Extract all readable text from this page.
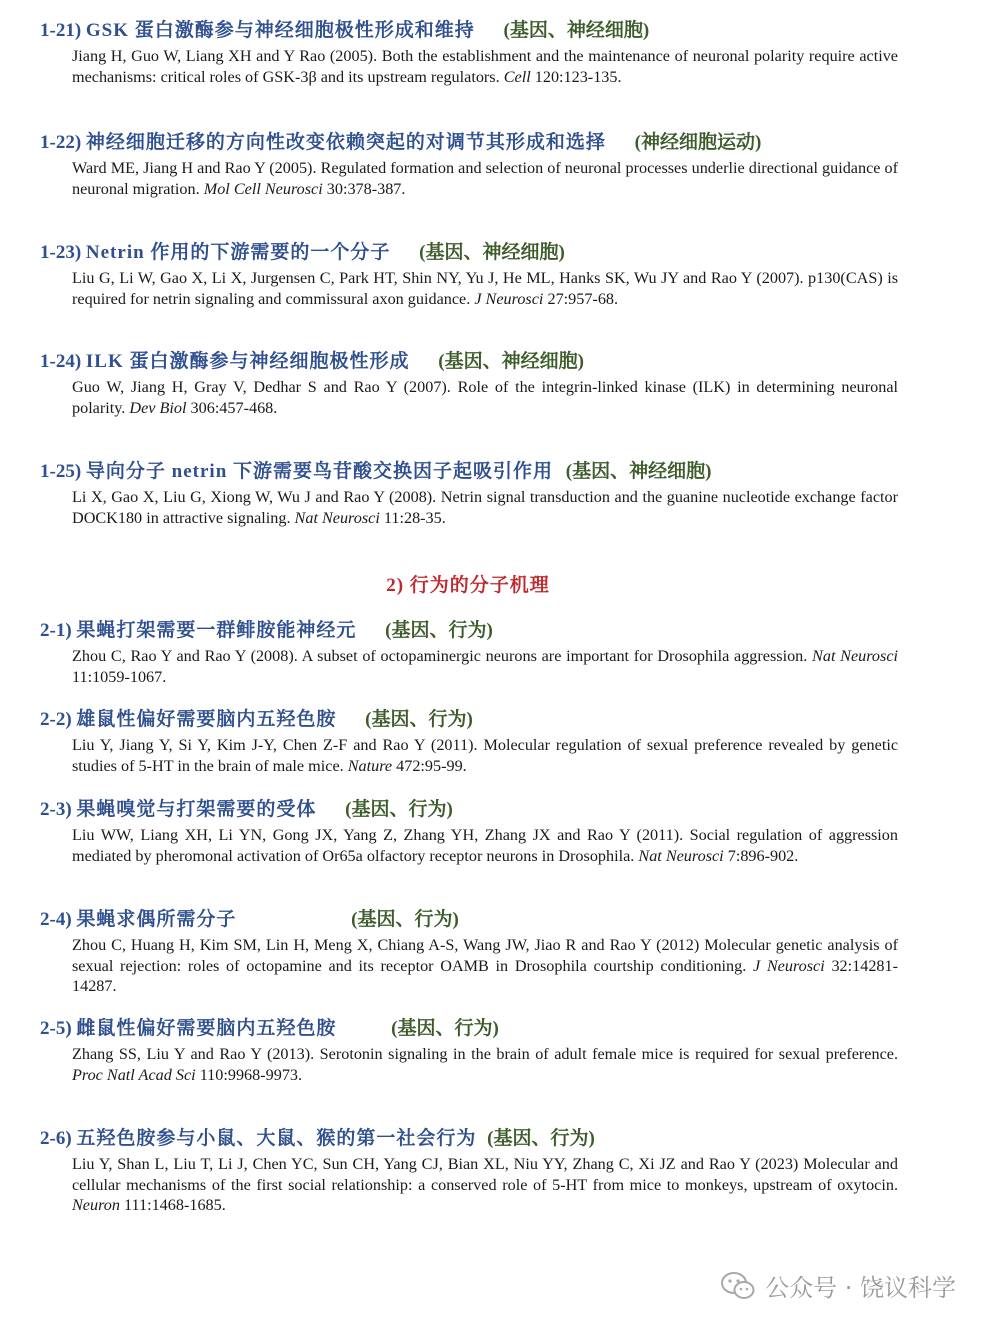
1-21) GSK 蛋白激酶参与神经细胞极性形成和维持 (基因、神经细胞)
Jiang H, Guo W, Liang XH and Y Rao (2005). Both the establishment and the maintenance of neuronal polarity require active mechanisms: critical roles of GSK-3β and its upstream regulators. Cell 120:123-135.
1-22) 神经细胞迁移的方向性改变依赖突起的对调节其形成和选择 (神经细胞运动)
Ward ME, Jiang H and Rao Y (2005). Regulated formation and selection of neuronal processes underlie directional guidance of neuronal migration. Mol Cell Neurosci 30:378-387.
1-23) Netrin 作用的下游需要的一个分子 (基因、神经细胞)
Liu G, Li W, Gao X, Li X, Jurgensen C, Park HT, Shin NY, Yu J, He ML, Hanks SK, Wu JY and Rao Y (2007). p130(CAS) is required for netrin signaling and commissural axon guidance. J Neurosci 27:957-68.
1-24) ILK 蛋白激酶参与神经细胞极性形成 (基因、神经细胞)
Guo W, Jiang H, Gray V, Dedhar S and Rao Y (2007). Role of the integrin-linked kinase (ILK) in determining neuronal polarity. Dev Biol 306:457-468.
1-25) 导向分子 netrin 下游需要鸟苷酸交换因子起吸引作用 (基因、神经细胞)
Li X, Gao X, Liu G, Xiong W, Wu J and Rao Y (2008). Netrin signal transduction and the guanine nucleotide exchange factor DOCK180 in attractive signaling. Nat Neurosci 11:28-35.
2) 行为的分子机理
2-1) 果蝇打架需要一群鲱胺能神经元 (基因、行为)
Zhou C, Rao Y and Rao Y (2008). A subset of octopaminergic neurons are important for Drosophila aggression. Nat Neurosci 11:1059-1067.
2-2) 雄鼠性偏好需要脑内五羟色胺 (基因、行为)
Liu Y, Jiang Y, Si Y, Kim J-Y, Chen Z-F and Rao Y (2011). Molecular regulation of sexual preference revealed by genetic studies of 5-HT in the brain of male mice. Nature 472:95-99.
2-3) 果蝇嗅觉与打架需要的受体 (基因、行为)
Liu WW, Liang XH, Li YN, Gong JX, Yang Z, Zhang YH, Zhang JX and Rao Y (2011). Social regulation of aggression mediated by pheromonal activation of Or65a olfactory receptor neurons in Drosophila. Nat Neurosci 7:896-902.
2-4) 果蝇求偶所需分子	(基因、行为)
Zhou C, Huang H, Kim SM, Lin H, Meng X, Chiang A-S, Wang JW, Jiao R and Rao Y (2012) Molecular genetic analysis of sexual rejection: roles of octopamine and its receptor OAMB in Drosophila courtship conditioning. J Neurosci 32:14281-14287.
2-5) 雌鼠性偏好需要脑内五羟色胺	(基因、行为)
Zhang SS, Liu Y and Rao Y (2013). Serotonin signaling in the brain of adult female mice is required for sexual preference. Proc Natl Acad Sci 110:9968-9973.
2-6) 五羟色胺参与小鼠、大鼠、猴的第一社会行为 (基因、行为)
Liu Y, Shan L, Liu T, Li J, Chen YC, Sun CH, Yang CJ, Bian XL, Niu YY, Zhang C, Xi JZ and Rao Y (2023) Molecular and cellular mechanisms of the first social relationship: a conserved role of 5-HT from mice to monkeys, upstream of oxytocin. Neuron 111:1468-1685.
公众号 · 饶议科学
